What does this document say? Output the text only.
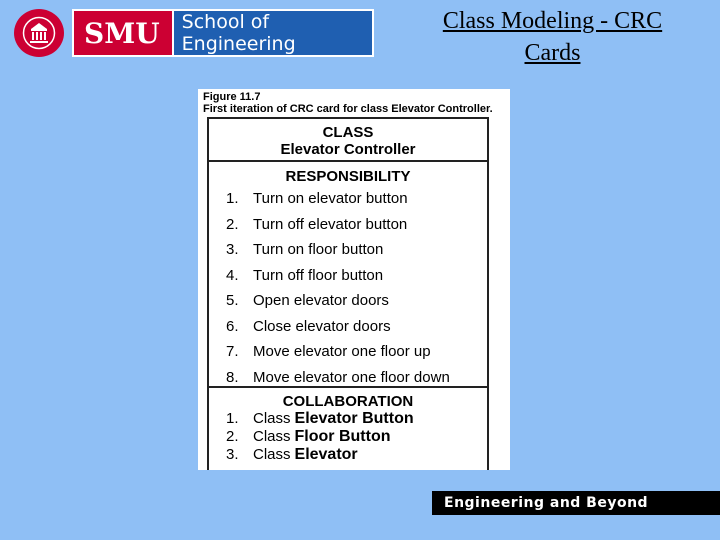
SMU	School of Engineering
Class Modeling - CRC
Cards
Figure 11.7
First iteration of CRC card for class Elevator Controller.
CLASS
Elevator Controller
RESPONSIBILITY
1. Turn on elevator button
2. Turn off elevator button
3. Turn on floor button
4. Turn off floor button
5. Open elevator doors
6. Close elevator doors
7. Move elevator one floor up
8. Move elevator one floor down
COLLABORATION
1. Class Elevator Button
2. Class Floor Button
3. Class Elevator
Engineering and Beyond
